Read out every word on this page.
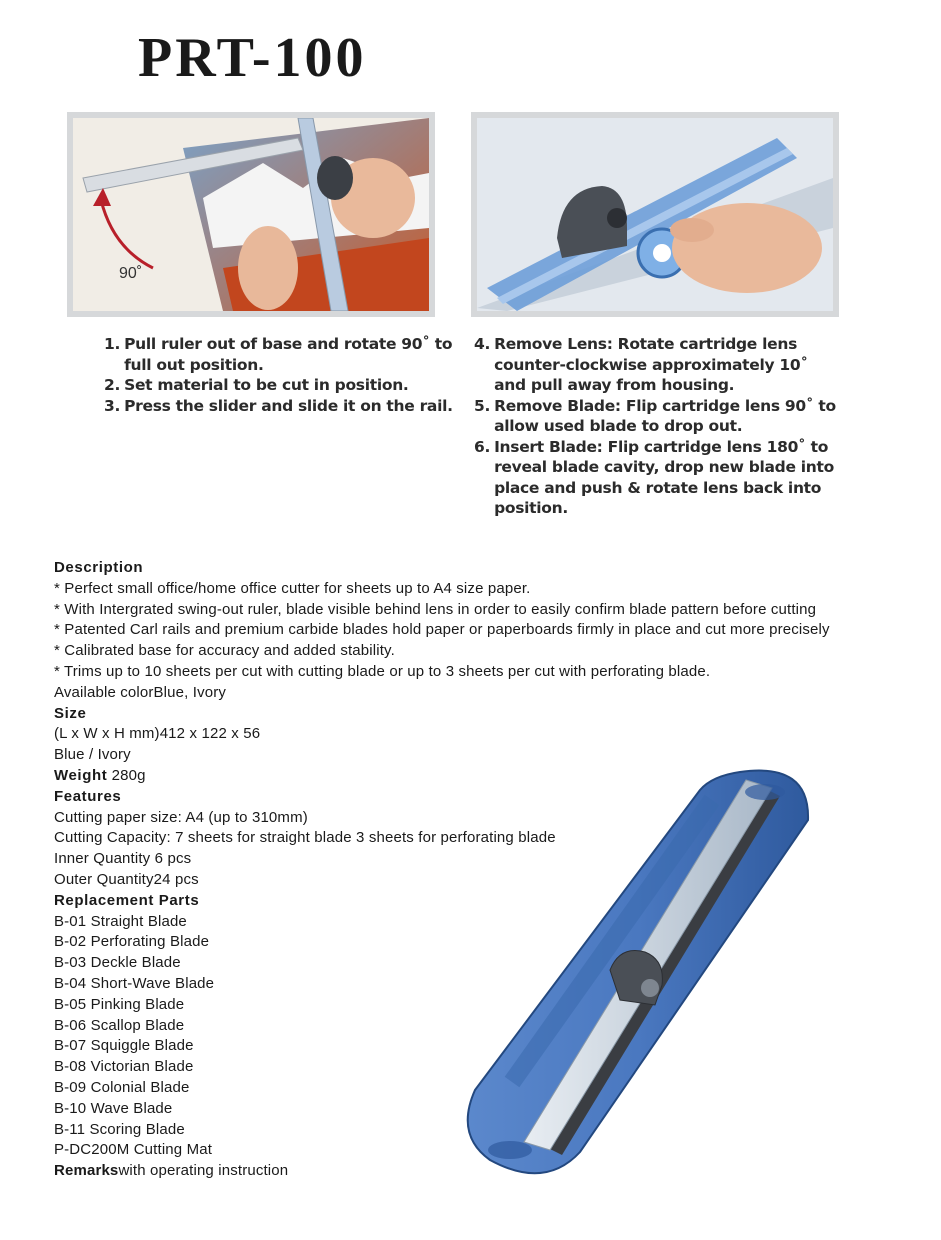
PRT-100
90˚
1. Pull ruler out of base and rotate 90˚ to full out position.
2. Set material to be cut in position.
3. Press the slider and slide it on the rail.
4. Remove Lens: Rotate cartridge lens counter-clockwise approximately 10˚ and pull away from housing.
5. Remove Blade: Flip cartridge lens 90˚ to allow used blade to drop out.
6. Insert Blade: Flip cartridge lens 180˚ to reveal blade cavity, drop new blade into place and push & rotate lens back into position.
Description
* Perfect small office/home office cutter for sheets up to A4 size paper.
* With Intergrated swing-out ruler, blade visible behind lens in order to easily confirm blade pattern before cutting
* Patented Carl rails and premium carbide blades hold paper or paperboards firmly in place and cut more precisely
* Calibrated base for accuracy and added stability.
* Trims up to 10 sheets per cut with cutting blade or up to 3 sheets per cut with perforating blade.
Available colorBlue, Ivory
Size
(L x W x H mm)412 x 122 x 56
Blue / Ivory
Weight 280g
Features
Cutting paper size: A4 (up to 310mm)
Cutting Capacity: 7 sheets for straight blade 3 sheets for perforating blade
Inner Quantity 6 pcs
Outer Quantity24 pcs
Replacement Parts
B-01 Straight Blade
B-02 Perforating Blade
B-03 Deckle Blade
B-04 Short-Wave Blade
B-05 Pinking Blade
B-06 Scallop Blade
B-07 Squiggle Blade
B-08 Victorian Blade
B-09 Colonial Blade
B-10 Wave Blade
B-11 Scoring Blade
P-DC200M Cutting Mat
Remarkswith operating instruction
